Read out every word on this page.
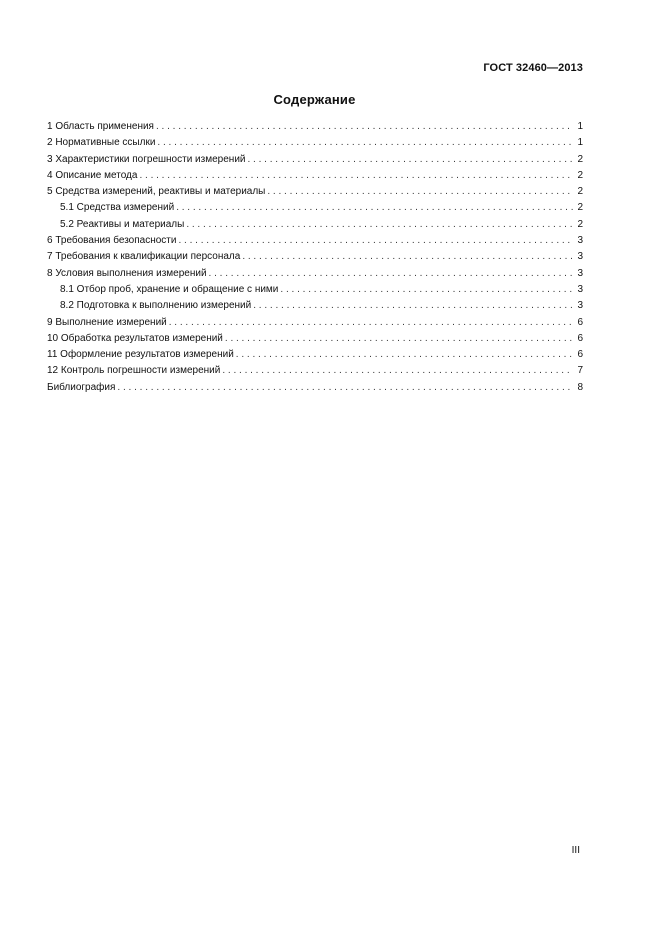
ГОСТ 32460—2013
Содержание
1 Область применения . . .	1
2 Нормативные ссылки . . .	1
3 Характеристики погрешности измерений . . .	2
4 Описание метода . . .	2
5 Средства измерений, реактивы и материалы . . .	2
5.1 Средства измерений . . .	2
5.2 Реактивы и материалы . . .	2
6 Требования безопасности . . .	3
7 Требования к квалификации персонала . . .	3
8 Условия выполнения измерений . . .	3
8.1 Отбор проб, хранение и обращение с ними . . .	3
8.2 Подготовка к выполнению измерений . . .	3
9 Выполнение измерений . . .	6
10 Обработка результатов измерений . . .	6
11 Оформление результатов измерений . . .	6
12 Контроль погрешности измерений . . .	7
Библиография . . .	8
III
